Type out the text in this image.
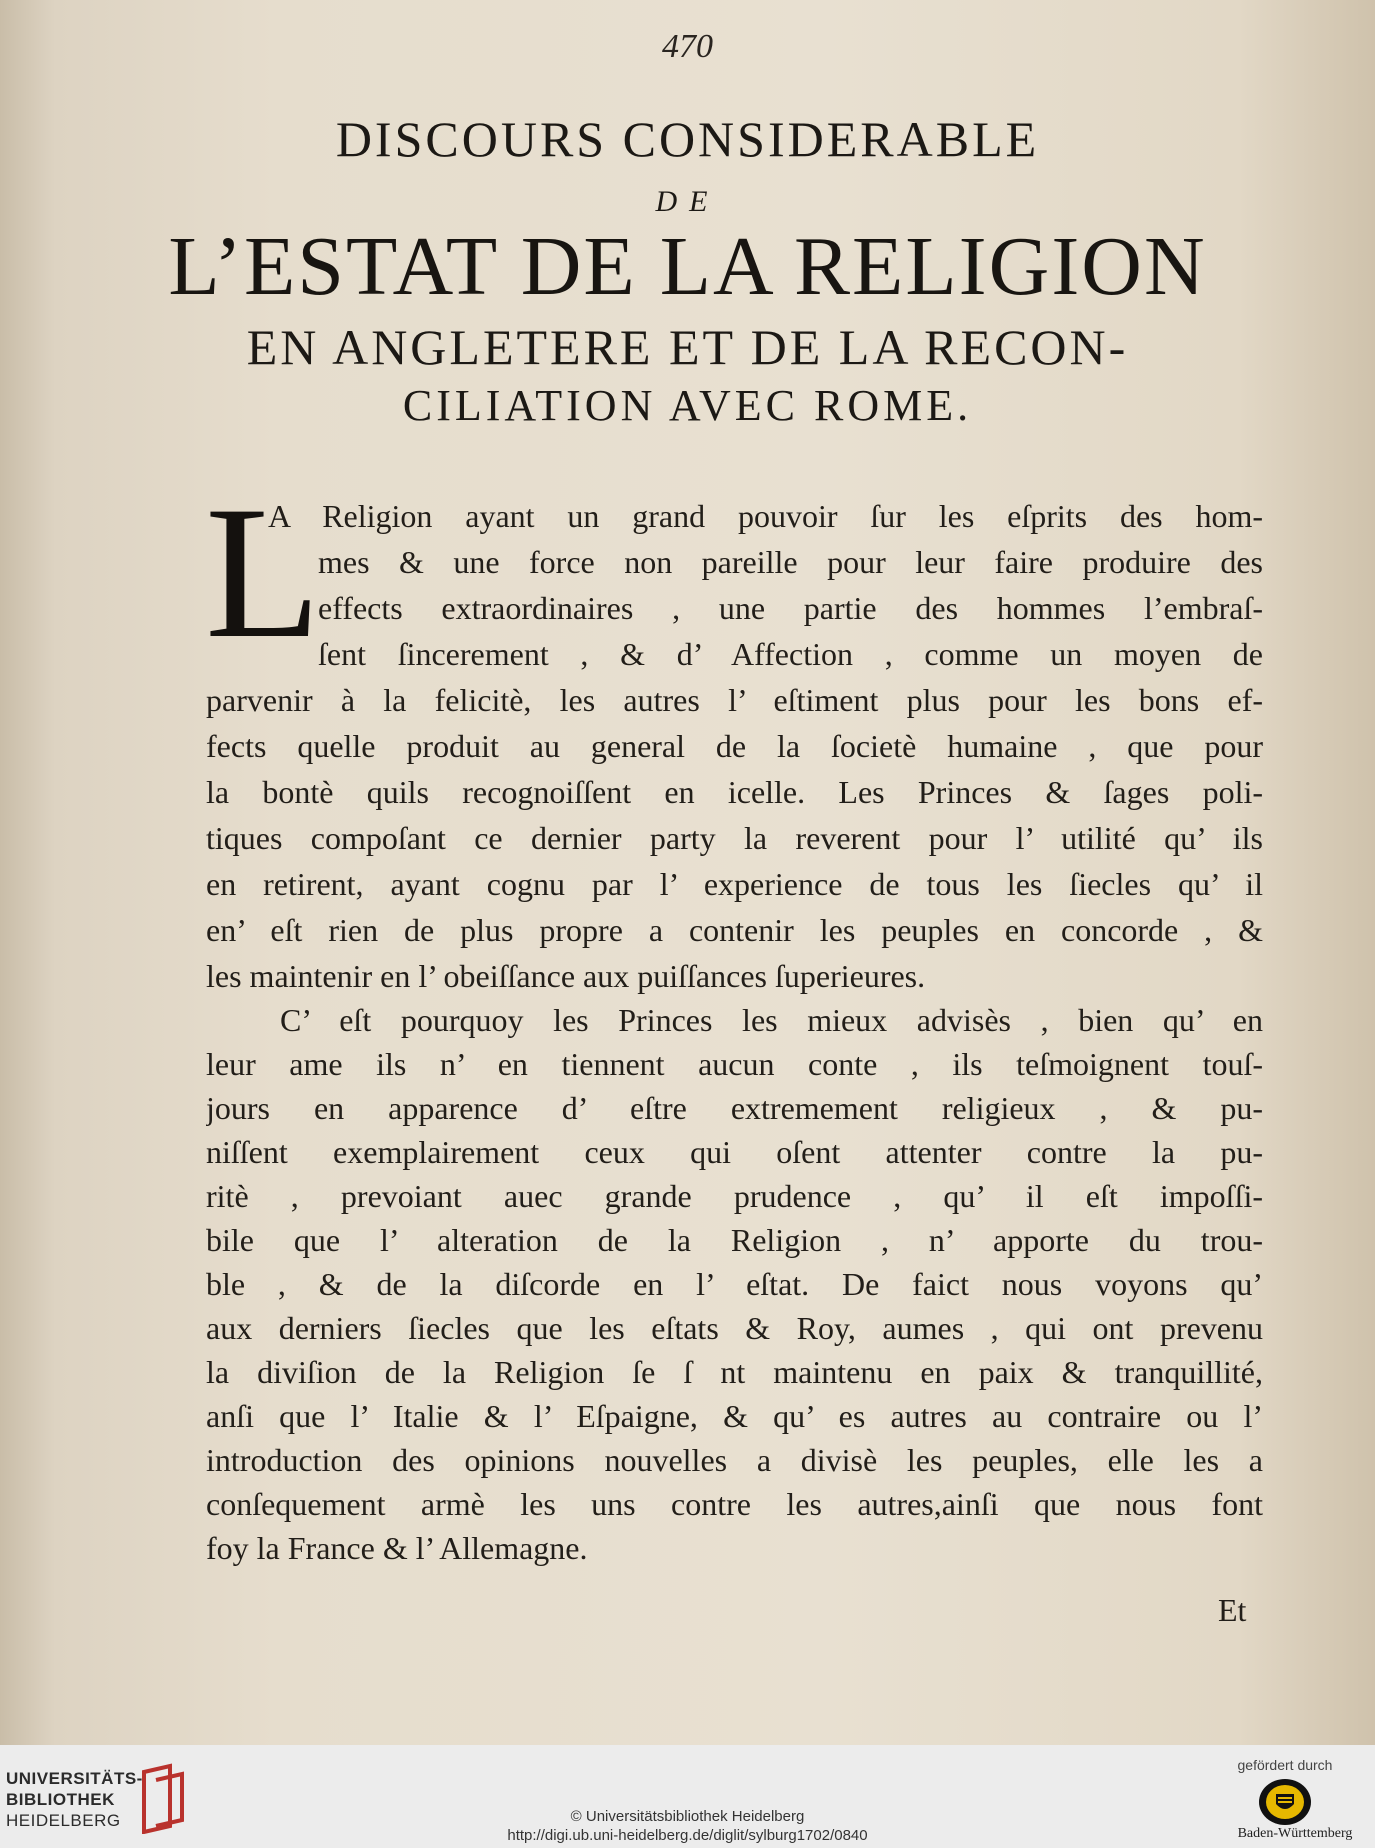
470
DISCOURS CONSIDERABLE
DE
L’ESTAT DE LA RELIGION
EN ANGLETERE ET DE LA RECON-
CILIATION AVEC ROME.
L
A Religion ayant un grand pouvoir ſur les eſprits des hom-
mes & une force non pareille pour leur faire produire des
effects extraordinaires , une partie des hommes l’embraſ-
ſent ſincerement , & d’ Affection , comme un moyen de
parvenir à la felicitè, les autres l’ eſtiment plus pour les bons ef-
fects quelle produit au general de la ſocietè humaine , que pour
la bontè quils recognoiſſent en icelle. Les Princes & ſages poli-
tiques compoſant ce dernier party la reverent pour l’ utilité qu’ ils
en retirent, ayant cognu par l’ experience de tous les ſiecles qu’ il
en’ eſt rien de plus propre a contenir les peuples en concorde , &
les maintenir en l’ obeiſſance aux puiſſances ſuperieures.
C’ eſt pourquoy les Princes les mieux advisès , bien qu’ en
leur ame ils n’ en tiennent aucun conte , ils teſmoignent touſ-
jours en apparence d’ eſtre extremement religieux , & pu-
niſſent exemplairement ceux qui oſent attenter contre la pu-
ritè , prevoiant auec grande prudence , qu’ il eſt impoſſi-
bile que l’ alteration de la Religion , n’ apporte du trou-
ble , & de la diſcorde en l’ eſtat. De faict nous voyons qu’
aux derniers ſiecles que les eſtats & Roy, aumes , qui ont prevenu
la diviſion de la Religion ſe ſ nt maintenu en paix & tranquillité,
anſi que l’ Italie & l’ Eſpaigne, & qu’ es autres au contraire ou l’
introduction des opinions nouvelles a divisè les peuples, elle les a
conſequement armè les uns contre les autres,ainſi que nous font
foy la France & l’ Allemagne.
Et
UNIVERSITÄTS-
BIBLIOTHEK
HEIDELBERG	© Universitätsbibliothek Heidelberg
http://digi.ub.uni-heidelberg.de/diglit/sylburg1702/0840
gefördert durch
Baden-Württemberg
